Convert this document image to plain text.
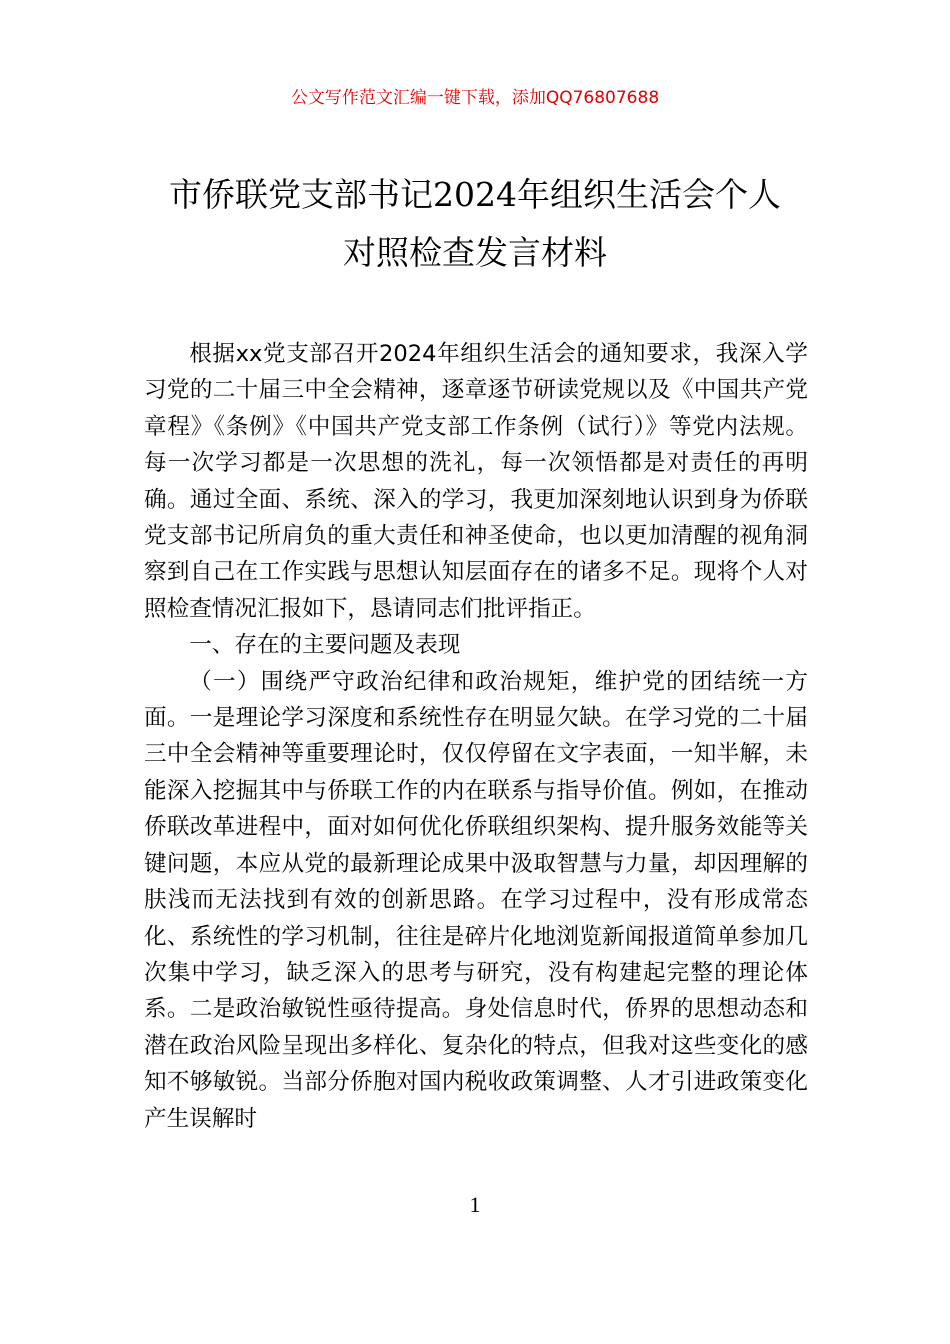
公文写作范文汇编一键下载，添加QQ76807688
市侨联党支部书记2024年组织生活会个人
对照检查发言材料

根据xx党支部召开2024年组织生活会的通知要求，我深入学习党的二十届三中全会精神，逐章逐节研读党规以及《中国共产党章程》《条例》《中国共产党支部工作条例（试行）》等党内法规。每一次学习都是一次思想的洗礼，每一次领悟都是对责任的再明确。通过全面、系统、深入的学习，我更加深刻地认识到身为侨联党支部书记所肩负的重大责任和神圣使命，也以更加清醒的视角洞察到自己在工作实践与思想认知层面存在的诸多不足。现将个人对照检查情况汇报如下，恳请同志们批评指正。

一、存在的主要问题及表现

（一）围绕严守政治纪律和政治规矩，维护党的团结统一方面。一是理论学习深度和系统性存在明显欠缺。在学习党的二十届三中全会精神等重要理论时，仅仅停留在文字表面，一知半解，未能深入挖掘其中与侨联工作的内在联系与指导价值。例如，在推动侨联改革进程中，面对如何优化侨联组织架构、提升服务效能等关键问题，本应从党的最新理论成果中汲取智慧与力量，却因理解的肤浅而无法找到有效的创新思路。在学习过程中，没有形成常态化、系统性的学习机制，往往是碎片化地浏览新闻报道简单参加几次集中学习，缺乏深入的思考与研究，没有构建起完整的理论体系。二是政治敏锐性亟待提高。身处信息时代，侨界的思想动态和潜在政治风险呈现出多样化、复杂化的特点，但我对这些变化的感知不够敏锐。当部分侨胞对国内税收政策调整、人才引进政策变化产生误解时

1
